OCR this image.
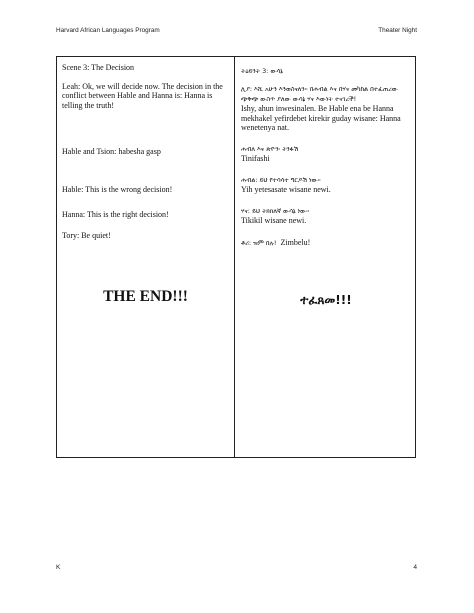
Harvard African Languages Program	Theater Night

Scene 3: The Decision

Leah: Ok, we will decide now. The decision in the conflict between Hable and Hanna is: Hanna is telling the truth!

Hable and Tsion: habesha gasp

Hable: This is the wrong decision!

Hanna: This is the right decision!

Tory: Be quiet!

THE END!!!

ትዕይንት 3: ውሳኔ

ሊያ: እሺ አሁን እንወስናለን። በሐብል እና በሃና መካከል በተፈጠረው ጭቅጭ ውስጥ ያለው ውሳኔ ሃና እውነት ተናገረች!

Ishy, ahun inwesinalen. Be Hable ena be Hanna mekhakel yefirdebet kirekir guday wisane: Hanna wenetenya nat.

ሐብለ እና ጽዮን፡ ትንፋሽ

Tinifashi

ሐብል: ይህ የተሳሳተ ግርዶሽ ነው።

Yih yetesasate wisane newi.

ሃና: ይህ ትክክለኛ ውሳኔ ነው።

Tikikil wisane newi.

ቶሪ: ዝም በሉ! Zimbelu!

ተፈጸመ!!!
K	4
